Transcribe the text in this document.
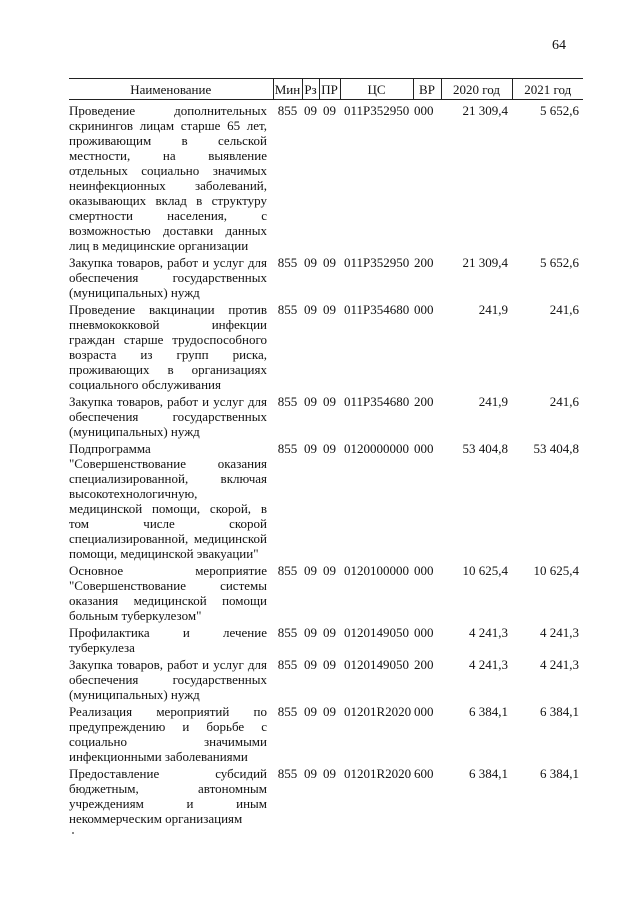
64
Наименование	Мин	Рз	ПР	ЦС	ВР	2020 год	2021 год
Проведение дополнительных скринингов лицам старше 65 лет, проживающим в сельской местности, на выявление отдельных социально значимых неинфекционных заболеваний, оказывающих вклад в структуру смертности населения, с возможностью доставки данных лиц в медицинские организации	855	09	09	011P352950	000	21 309,4	5 652,6
Закупка товаров, работ и услуг для обеспечения государственных (муниципальных) нужд	855	09	09	011P352950	200	21 309,4	5 652,6
Проведение вакцинации против пневмококковой инфекции граждан старше трудоспособного возраста из групп риска, проживающих в организациях социального обслуживания	855	09	09	011P354680	000	241,9	241,6
Закупка товаров, работ и услуг для обеспечения государственных (муниципальных) нужд	855	09	09	011P354680	200	241,9	241,6
Подпрограмма "Совершенствование оказания специализированной, включая высокотехнологичную, медицинской помощи, скорой, в том числе скорой специализированной, медицинской помощи, медицинской эвакуации"	855	09	09	0120000000	000	53 404,8	53 404,8
Основное мероприятие "Совершенствование системы оказания медицинской помощи больным туберкулезом"	855	09	09	0120100000	000	10 625,4	10 625,4
Профилактика и лечение туберкулеза	855	09	09	0120149050	000	4 241,3	4 241,3
Закупка товаров, работ и услуг для обеспечения государственных (муниципальных) нужд	855	09	09	0120149050	200	4 241,3	4 241,3
Реализация мероприятий по предупреждению и борьбе с социально значимыми инфекционными заболеваниями	855	09	09	01201R2020	000	6 384,1	6 384,1
Предоставление субсидий бюджетным, автономным учреждениям и иным некоммерческим организациям	855	09	09	01201R2020	600	6 384,1	6 384,1
